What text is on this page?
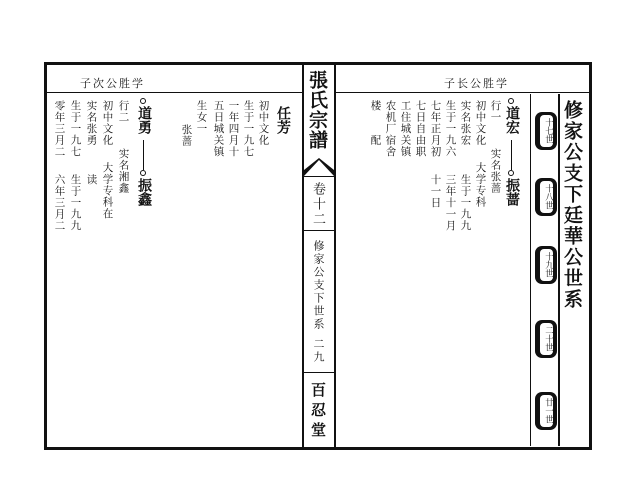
子次公胜学	子长公胜学
張氏宗譜
卷十二
修家公支下世系
二九
百忍堂
修家公支下廷華公世系
十七世
十八世
十九世
二十世
廿一世
道宏
振蔷
行一
初中文化
实名张宏
生于一九六
七年正月初
七日自由职
工住城关镇
农机厂宿舍
楼　　配
实名张蔷
大学专科
生于一九九
三年十一月
十一日
任芳
初中文化
生于一九七
一年四月十
五日城关镇
生女一
张蔷
道勇
振鑫
行二
初中文化
实名张勇
生于一九七
零年三月二
实名湘鑫
大学专科在
读
生于一九九
六年三月二
